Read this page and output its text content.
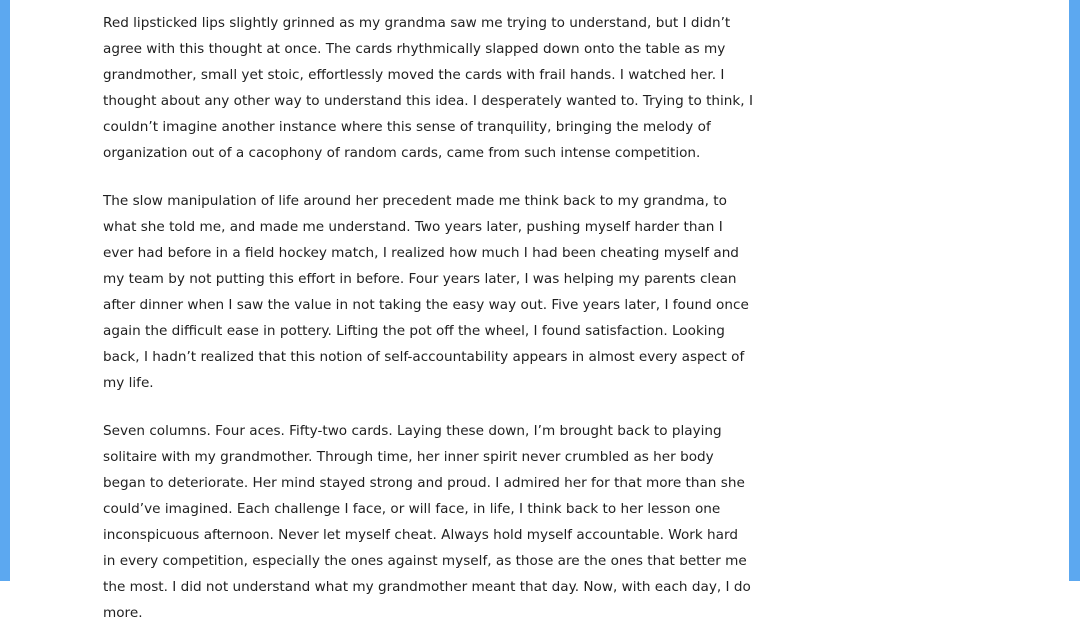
Red lipsticked lips slightly grinned as my grandma saw me trying to understand, but I didn’t agree with this thought at once. The cards rhythmically slapped down onto the table as my grandmother, small yet stoic, effortlessly moved the cards with frail hands. I watched her. I thought about any other way to understand this idea. I desperately wanted to. Trying to think, I couldn’t imagine another instance where this sense of tranquility, bringing the melody of organization out of a cacophony of random cards, came from such intense competition.

The slow manipulation of life around her precedent made me think back to my grandma, to what she told me, and made me understand. Two years later, pushing myself harder than I ever had before in a field hockey match, I realized how much I had been cheating myself and my team by not putting this effort in before. Four years later, I was helping my parents clean after dinner when I saw the value in not taking the easy way out. Five years later, I found once again the difficult ease in pottery. Lifting the pot off the wheel, I found satisfaction. Looking back, I hadn’t realized that this notion of self-accountability appears in almost every aspect of my life.

Seven columns. Four aces. Fifty-two cards. Laying these down, I’m brought back to playing solitaire with my grandmother. Through time, her inner spirit never crumbled as her body began to deteriorate. Her mind stayed strong and proud. I admired her for that more than she could’ve imagined. Each challenge I face, or will face, in life, I think back to her lesson one inconspicuous afternoon. Never let myself cheat. Always hold myself accountable. Work hard in every competition, especially the ones against myself, as those are the ones that better me the most. I did not understand what my grandmother meant that day. Now, with each day, I do more.
